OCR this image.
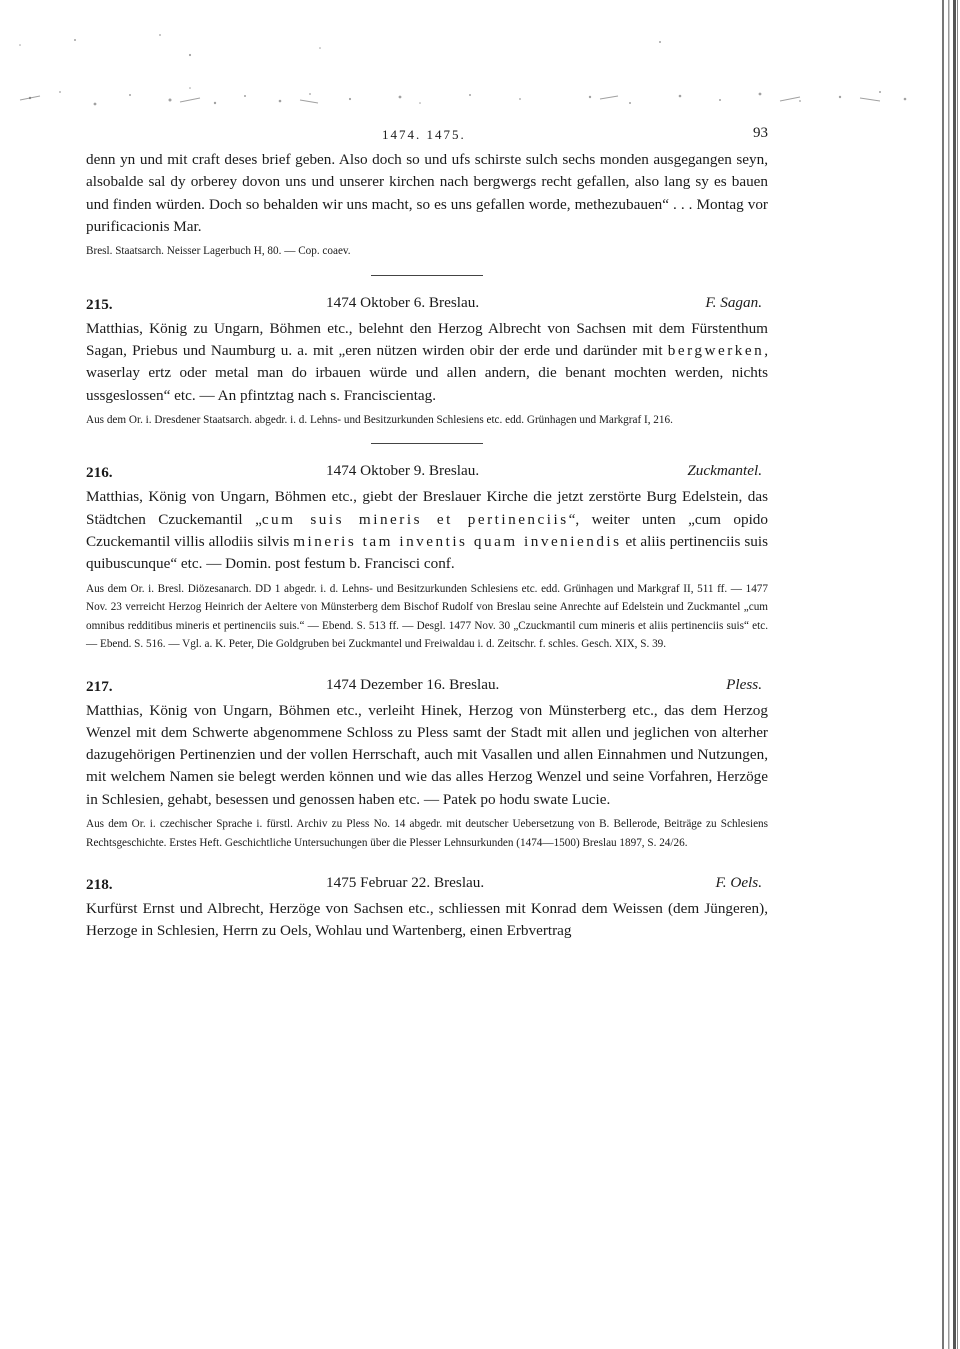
1474. 1475.	93

denn yn und mit craft deses brief geben. Also doch so und ufs schirste sulch sechs monden ausgegangen seyn, alsobalde sal dy orberey dovon uns und unserer kirchen nach bergwergs recht gefallen, also lang sy es bauen und finden würden. Doch so behalden wir uns macht, so es uns gefallen worde, methezubauen“ . . . Montag vor purificacionis Mar.

Bresl. Staatsarch. Neisser Lagerbuch H, 80. — Cop. coaev.

215.	1474 Oktober 6. Breslau.	F. Sagan.

Matthias, König zu Ungarn, Böhmen etc., belehnt den Herzog Albrecht von Sachsen mit dem Fürstenthum Sagan, Priebus und Naumburg u. a. mit „eren nützen wirden obir der erde und daründer mit bergwerken, waserlay ertz oder metal man do irbauen würde und allen andern, die benant mochten werden, nichts ussgeslossen“ etc. — An pfintztag nach s. Franciscientag.

Aus dem Or. i. Dresdener Staatsarch. abgedr. i. d. Lehns- und Besitzurkunden Schlesiens etc. edd. Grünhagen und Markgraf I, 216.

216.	1474 Oktober 9. Breslau.	Zuckmantel.

Matthias, König von Ungarn, Böhmen etc., giebt der Breslauer Kirche die jetzt zerstörte Burg Edelstein, das Städtchen Czuckemantil „cum suis mineris et pertinenciis“, weiter unten „cum opido Czuckemantil villis allodiis silvis mineris tam inventis quam inveniendis et aliis pertinenciis suis quibuscunque“ etc. — Domin. post festum b. Francisci conf.

Aus dem Or. i. Bresl. Diözesanarch. DD 1 abgedr. i. d. Lehns- und Besitzurkunden Schlesiens etc. edd. Grünhagen und Markgraf II, 511 ff. — 1477 Nov. 23 verreicht Herzog Heinrich der Aeltere von Münsterberg dem Bischof Rudolf von Breslau seine Anrechte auf Edelstein und Zuckmantel „cum omnibus redditibus mineris et pertinenciis suis.“ — Ebend. S. 513 ff. — Desgl. 1477 Nov. 30 „Czuckmantil cum mineris et aliis pertinenciis suis“ etc. — Ebend. S. 516. — Vgl. a. K. Peter, Die Goldgruben bei Zuckmantel und Freiwaldau i. d. Zeitschr. f. schles. Gesch. XIX, S. 39.

217.	1474 Dezember 16. Breslau.	Pless.

Matthias, König von Ungarn, Böhmen etc., verleiht Hinek, Herzog von Münsterberg etc., das dem Herzog Wenzel mit dem Schwerte abgenommene Schloss zu Pless samt der Stadt mit allen und jeglichen von alterher dazugehörigen Pertinenzien und der vollen Herrschaft, auch mit Vasallen und allen Einnahmen und Nutzungen, mit welchem Namen sie belegt werden können und wie das alles Herzog Wenzel und seine Vorfahren, Herzöge in Schlesien, gehabt, besessen und genossen haben etc. — Patek po hodu swate Lucie.

Aus dem Or. i. czechischer Sprache i. fürstl. Archiv zu Pless No. 14 abgedr. mit deutscher Uebersetzung von B. Bellerode, Beiträge zu Schlesiens Rechtsgeschichte. Erstes Heft. Geschichtliche Untersuchungen über die Plesser Lehnsurkunden (1474—1500) Breslau 1897, S. 24/26.

218.	1475 Februar 22. Breslau.	F. Oels.

Kurfürst Ernst und Albrecht, Herzöge von Sachsen etc., schliessen mit Konrad dem Weissen (dem Jüngeren), Herzoge in Schlesien, Herrn zu Oels, Wohlau und Wartenberg, einen Erbvertrag
